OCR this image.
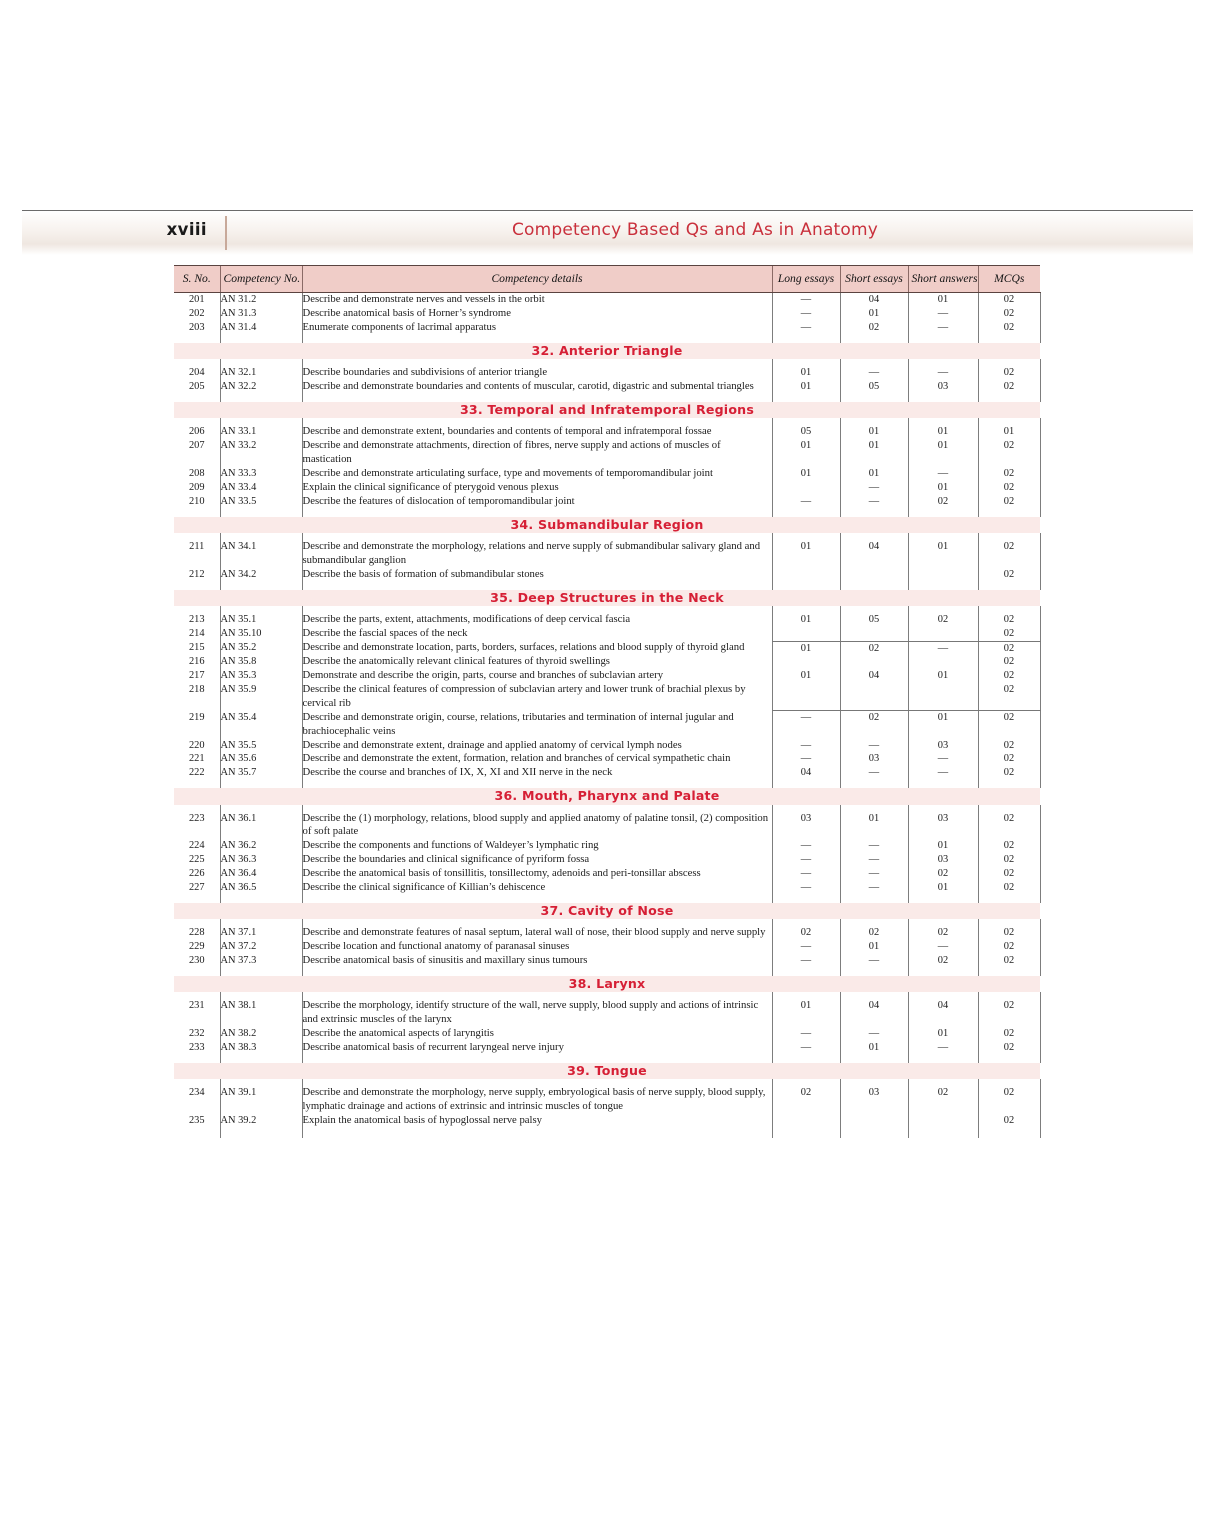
xviii	Competency Based Qs and As in Anatomy
S. No.	Competency No.	Competency details	Long essays	Short essays	Short answers	MCQs
201	AN 31.2	Describe and demonstrate nerves and vessels in the orbit	—	04	01	02
202	AN 31.3	Describe anatomical basis of Horner’s syndrome	—	01	—	02
203	AN 31.4	Enumerate components of lacrimal apparatus	—	02	—	02

32. Anterior Triangle						

204	AN 32.1	Describe boundaries and subdivisions of anterior triangle	01	—	—	02
205	AN 32.2	Describe and demonstrate boundaries and contents of muscular, carotid, digastric and submental triangles	01	05	03	02

33. Temporal and Infratemporal Regions						

206	AN 33.1	Describe and demonstrate extent, boundaries and contents of temporal and infratemporal fossae	05	01	01	01
207	AN 33.2	Describe and demonstrate attachments, direction of fibres, nerve supply and actions of muscles of mastication	01	01	01	02
208	AN 33.3	Describe and demonstrate articulating surface, type and movements of temporomandibular joint	01	01	—	02
209	AN 33.4	Explain the clinical significance of pterygoid venous plexus		—	01	02
210	AN 33.5	Describe the features of dislocation of temporomandibular joint	—	—	02	02

34. Submandibular Region						

211	AN 34.1	Describe and demonstrate the morphology, relations and nerve supply of submandibular salivary gland and submandibular ganglion	01	04	01	02
212	AN 34.2	Describe the basis of formation of submandibular stones				02

35. Deep Structures in the Neck						

213	AN 35.1	Describe the parts, extent, attachments, modifications of deep cervical fascia	01	05	02	02
214	AN 35.10	Describe the fascial spaces of the neck				02
215	AN 35.2	Describe and demonstrate location, parts, borders, surfaces, relations and blood supply of thyroid gland	01	02	—	02
216	AN 35.8	Describe the anatomically relevant clinical features of thyroid swellings				02
217	AN 35.3	Demonstrate and describe the origin, parts, course and branches of subclavian artery	01	04	01	02
218	AN 35.9	Describe the clinical features of compression of subclavian artery and lower trunk of brachial plexus by cervical rib				02
219	AN 35.4	Describe and demonstrate origin, course, relations, tributaries and termination of internal jugular and brachiocephalic veins	—	02	01	02
220	AN 35.5	Describe and demonstrate extent, drainage and applied anatomy of cervical lymph nodes	—	—	03	02
221	AN 35.6	Describe and demonstrate the extent, formation, relation and branches of cervical sympathetic chain	—	03	—	02
222	AN 35.7	Describe the course and branches of IX, X, XI and XII nerve in the neck	04	—	—	02

36. Mouth, Pharynx and Palate						

223	AN 36.1	Describe the (1) morphology, relations, blood supply and applied anatomy of palatine tonsil, (2) composition of soft palate	03	01	03	02
224	AN 36.2	Describe the components and functions of Waldeyer’s lymphatic ring	—	—	01	02
225	AN 36.3	Describe the boundaries and clinical significance of pyriform fossa	—	—	03	02
226	AN 36.4	Describe the anatomical basis of tonsillitis, tonsillectomy, adenoids and peri-tonsillar abscess	—	—	02	02
227	AN 36.5	Describe the clinical significance of Killian’s dehiscence	—	—	01	02

37. Cavity of Nose						

228	AN 37.1	Describe and demonstrate features of nasal septum, lateral wall of nose, their blood supply and nerve supply	02	02	02	02
229	AN 37.2	Describe location and functional anatomy of paranasal sinuses	—	01	—	02
230	AN 37.3	Describe anatomical basis of sinusitis and maxillary sinus tumours	—	—	02	02

38. Larynx						

231	AN 38.1	Describe the morphology, identify structure of the wall, nerve supply, blood supply and actions of intrinsic and extrinsic muscles of the larynx	01	04	04	02
232	AN 38.2	Describe the anatomical aspects of laryngitis	—	—	01	02
233	AN 38.3	Describe anatomical basis of recurrent laryngeal nerve injury	—	01	—	02

39. Tongue						

234	AN 39.1	Describe and demonstrate the morphology, nerve supply, embryological basis of nerve supply, blood supply, lymphatic drainage and actions of extrinsic and intrinsic muscles of tongue	02	03	02	02
235	AN 39.2	Explain the anatomical basis of hypoglossal nerve palsy				02
